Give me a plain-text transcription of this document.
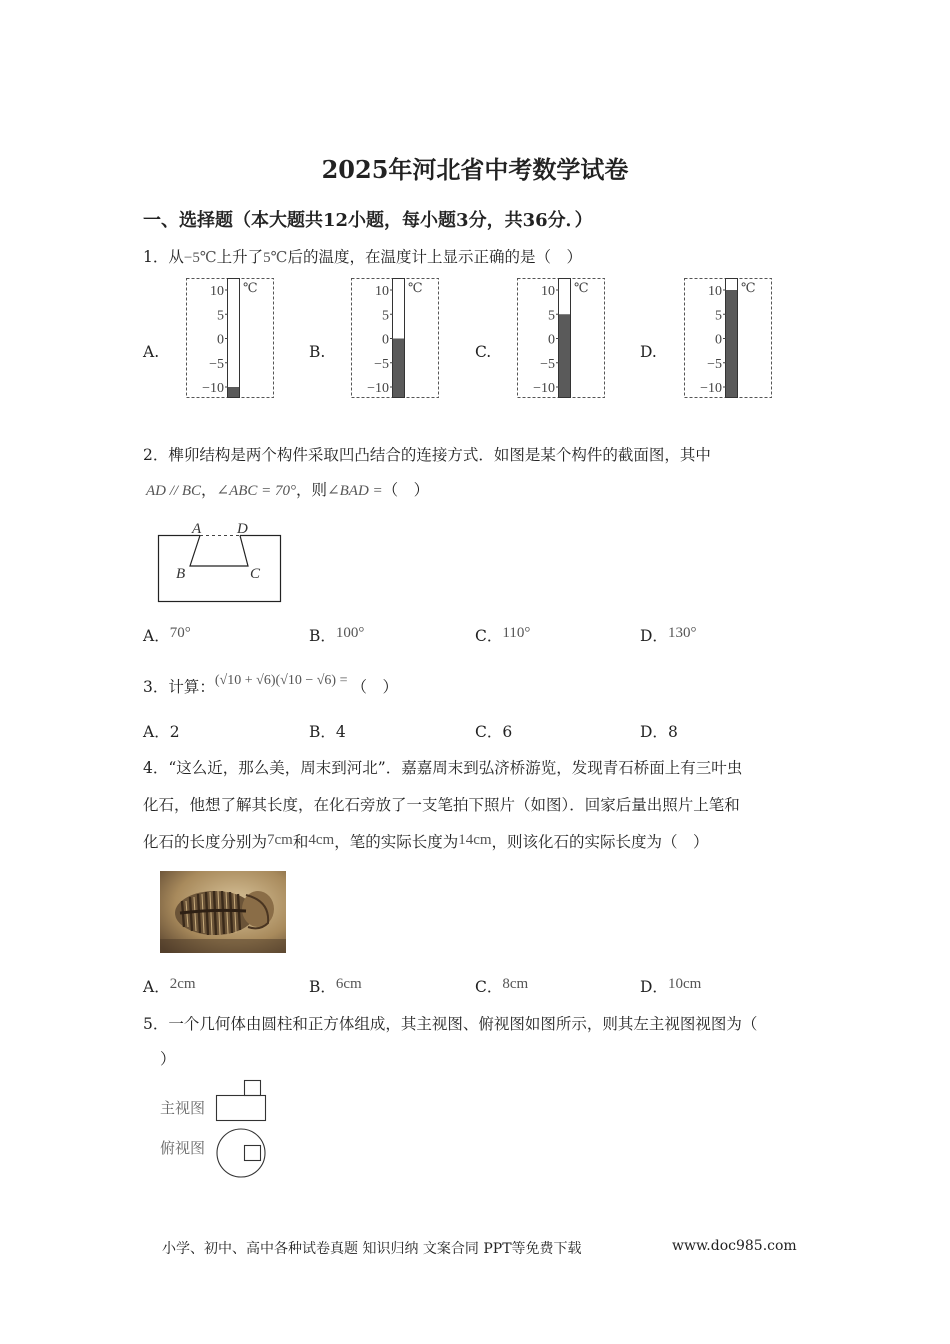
2025年河北省中考数学试卷
一、选择题（本大题共12小题，每小题3分，共36分．）
1．从−5℃上升了5℃后的温度，在温度计上显示正确的是（　）
A.
10
5
0
−5
−10
℃
B.
10
5
0
−5
−10
℃
C.
10
5
0
−5
−10
℃
D.
10
5
0
−5
−10
℃
2．榫卯结构是两个构件采取凹凸结合的连接方式．如图是某个构件的截面图，其中
AD // BC，∠ABC = 70°，则∠BAD =（　）
A D
B	C
A．70°	B．100°	C．110°	D．130°
3．计算：(√10 + √6)(√10 − √6) = （　）
A．2	B．4	C．6	D．8
4．“这么近，那么美，周末到河北”．嘉嘉周末到弘济桥游览，发现青石桥面上有三叶虫
化石，他想了解其长度，在化石旁放了一支笔拍下照片（如图）．回家后量出照片上笔和
化石的长度分别为7cm和4cm，笔的实际长度为14cm，则该化石的实际长度为（　）
A．2cm	B．6cm	C．8cm	D．10cm
5．一个几何体由圆柱和正方体组成，其主视图、俯视图如图所示，则其左主视图视图为（
）
主视图
俯视图
小学、初中、高中各种试卷真题 知识归纳 文案合同 PPT等免费下载	www.doc985.com
